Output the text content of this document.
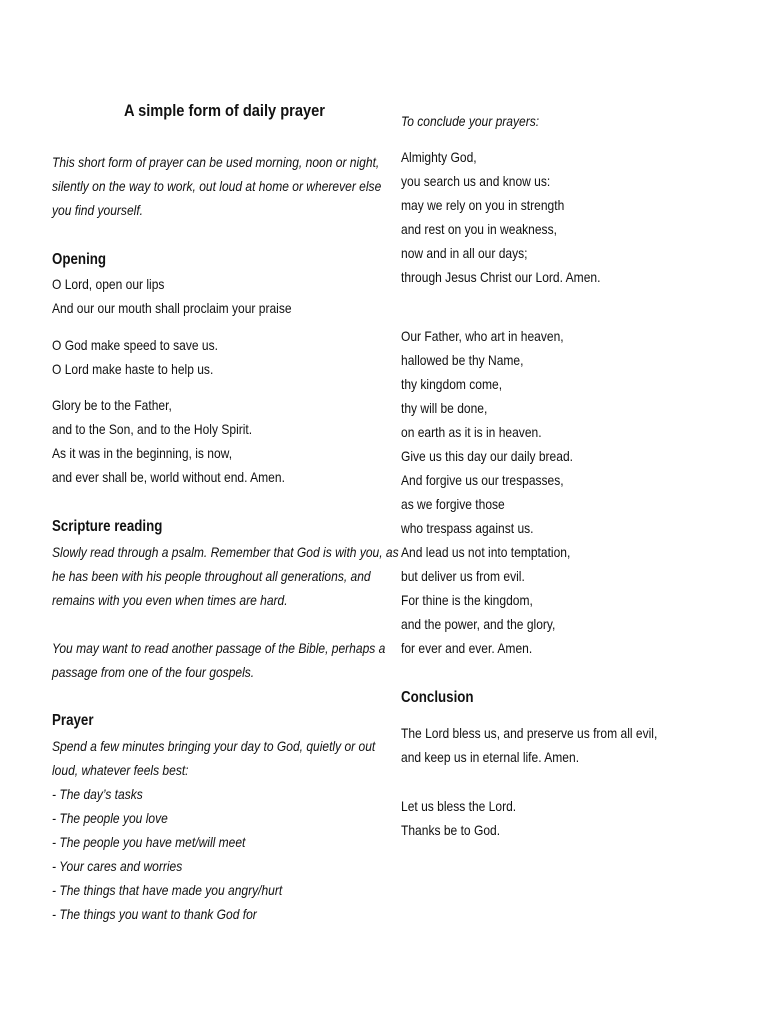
A simple form of daily prayer
This short form of prayer can be used morning, noon or night,
silently on the way to work, out loud at home or wherever else
you find yourself.
Opening
O Lord, open our lips
And our our mouth shall proclaim your praise
O God make speed to save us.
O Lord make haste to help us.
Glory be to the Father,
and to the Son, and to the Holy Spirit.
As it was in the beginning, is now,
and ever shall be, world without end. Amen.
Scripture reading
Slowly read through a psalm. Remember that God is with you, as
he has been with his people throughout all generations, and
remains with you even when times are hard.
You may want to read another passage of the Bible, perhaps a
passage from one of the four gospels.
Prayer
Spend a few minutes bringing your day to God, quietly or out
loud, whatever feels best:
- The day’s tasks
- The people you love
- The people you have met/will meet
- Your cares and worries
- The things that have made you angry/hurt
- The things you want to thank God for
To conclude your prayers:
Almighty God,
you search us and know us:
may we rely on you in strength
and rest on you in weakness,
now and in all our days;
through Jesus Christ our Lord. Amen.
Our Father, who art in heaven,
hallowed be thy Name,
thy kingdom come,
thy will be done,
on earth as it is in heaven.
Give us this day our daily bread.
And forgive us our trespasses,
as we forgive those
who trespass against us.
And lead us not into temptation,
but deliver us from evil.
For thine is the kingdom,
and the power, and the glory,
for ever and ever. Amen.
Conclusion
The Lord bless us, and preserve us from all evil,
and keep us in eternal life. Amen.
Let us bless the Lord.
Thanks be to God.
